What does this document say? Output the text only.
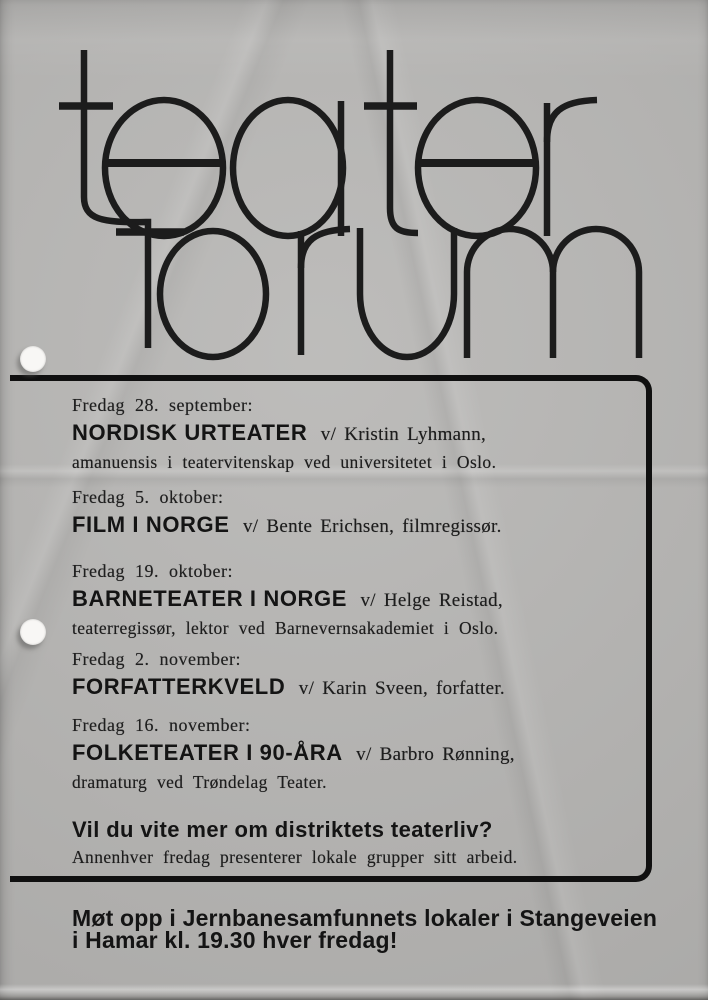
Fredag 28. september:
NORDISK URTEATER v/ Kristin Lyhmann,
amanuensis i teatervitenskap ved universitetet i Oslo.
Fredag 5. oktober:
FILM I NORGE v/ Bente Erichsen, filmregissør.
Fredag 19. oktober:
BARNETEATER I NORGE v/ Helge Reistad,
teaterregissør, lektor ved Barnevernsakademiet i Oslo.
Fredag 2. november:
FORFATTERKVELD v/ Karin Sveen, forfatter.
Fredag 16. november:
FOLKETEATER I 90-ÅRA v/ Barbro Rønning,
dramaturg ved Trøndelag Teater.
Vil du vite mer om distriktets teaterliv?
Annenhver fredag presenterer lokale grupper sitt arbeid.
Møt opp i Jernbanesamfunnets lokaler i Stangeveien
i Hamar kl. 19.30 hver fredag!
